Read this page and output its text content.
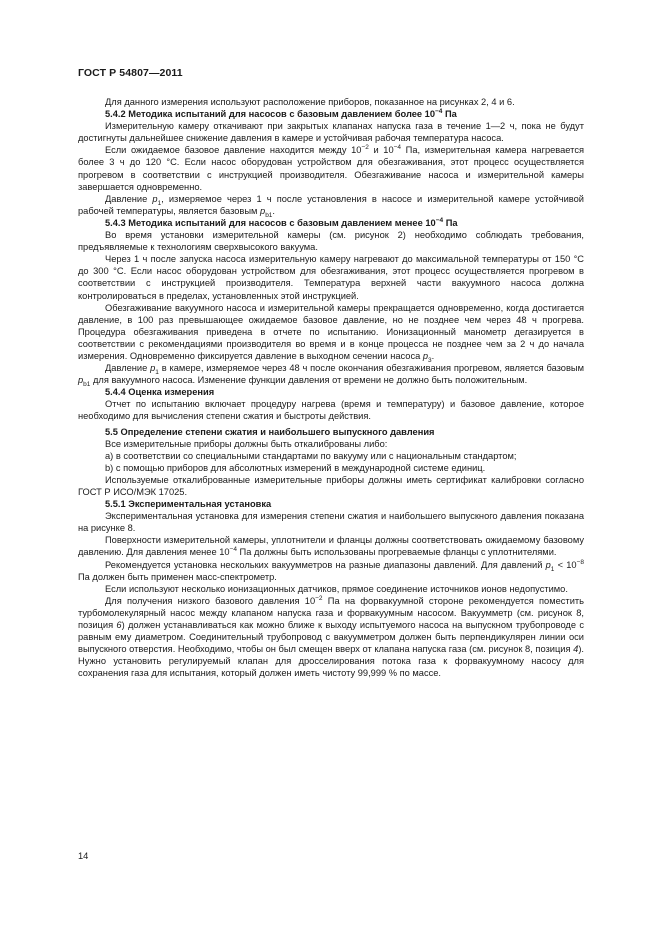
ГОСТ Р 54807—2011

Для данного измерения используют расположение приборов, показанное на рисунках 2, 4 и 6.

5.4.2 Методика испытаний для насосов с базовым давлением более $10^{-4}$ Па

Измерительную камеру откачивают при закрытых клапанах напуска газа в течение 1—2 ч, пока не будут достигнуты дальнейшее снижение давления в камере и устойчивая рабочая температура насоса.

Если ожидаемое базовое давление находится между $10^{-2}$ и $10^{-4}$ Па, измерительная камера нагревается более 3 ч до 120 °С. Если насос оборудован устройством для обезгаживания, этот процесс осуществляется прогревом в соответствии с инструкцией производителя. Обезгаживание насоса и измерительной камеры завершается одновременно.

Давление $p_1$, измеряемое через 1 ч после установления в насосе и измерительной камере устойчивой рабочей температуры, является базовым $p_{b1}$.

5.4.3 Методика испытаний для насосов с базовым давлением менее $10^{-4}$ Па

Во время установки измерительной камеры (см. рисунок 2) необходимо соблюдать требования, предъявляемые к технологиям сверхвысокого вакуума.

Через 1 ч после запуска насоса измерительную камеру нагревают до максимальной температуры от 150 °С до 300 °С. Если насос оборудован устройством для обезгаживания, этот процесс осуществляется прогревом в соответствии с инструкцией производителя. Температура верхней части вакуумного насоса должна контролироваться в пределах, установленных этой инструкцией.

Обезгаживание вакуумного насоса и измерительной камеры прекращается одновременно, когда достигается давление, в 100 раз превышающее ожидаемое базовое давление, но не позднее чем через 48 ч прогрева. Процедура обезгаживания приведена в отчете по испытанию. Ионизационный манометр дегазируется в соответствии с рекомендациями производителя во время и в конце процесса не позднее чем за 2 ч до начала измерения. Одновременно фиксируется давление в выходном сечении насоса $p_3$.

Давление $p_1$ в камере, измеряемое через 48 ч после окончания обезгаживания прогревом, является базовым $p_{b1}$ для вакуумного насоса. Изменение функции давления от времени не должно быть положительным.

5.4.4 Оценка измерения

Отчет по испытанию включает процедуру нагрева (время и температуру) и базовое давление, которое необходимо для вычисления степени сжатия и быстроты действия.

5.5 Определение степени сжатия и наибольшего выпускного давления

Все измерительные приборы должны быть откалиброваны либо:

а) в соответствии со специальными стандартами по вакууму или с национальным стандартом;

b) с помощью приборов для абсолютных измерений в международной системе единиц.

Используемые откалиброванные измерительные приборы должны иметь сертификат калибровки согласно ГОСТ Р ИСО/МЭК 17025.

5.5.1 Экспериментальная установка

Экспериментальная установка для измерения степени сжатия и наибольшего выпускного давления показана на рисунке 8.

Поверхности измерительной камеры, уплотнители и фланцы должны соответствовать ожидаемому базовому давлению. Для давления менее $10^{-4}$ Па должны быть использованы прогреваемые фланцы с уплотнителями.

Рекомендуется установка нескольких вакуумметров на разные диапазоны давлений. Для давлений $p_1 < 10^{-8}$ Па должен быть применен масс-спектрометр.

Если используют несколько ионизационных датчиков, прямое соединение источников ионов недопустимо.

Для получения низкого базового давления $10^{-2}$ Па на форвакуумной стороне рекомендуется поместить турбомолекулярный насос между клапаном напуска газа и форвакуумным насосом. Вакуумметр (см. рисунок 8, позиция 6) должен устанавливаться как можно ближе к выходу испытуемого насоса на выпускном трубопроводе с равным ему диаметром. Соединительный трубопровод с вакуумметром должен быть перпендикулярен линии оси выпускного отверстия. Необходимо, чтобы он был смещен вверх от клапана напуска газа (см. рисунок 8, позиция 4). Нужно установить регулируемый клапан для дросселирования потока газа к форвакуумному насосу для сохранения газа для испытания, который должен иметь чистоту 99,999 % по массе.

14
